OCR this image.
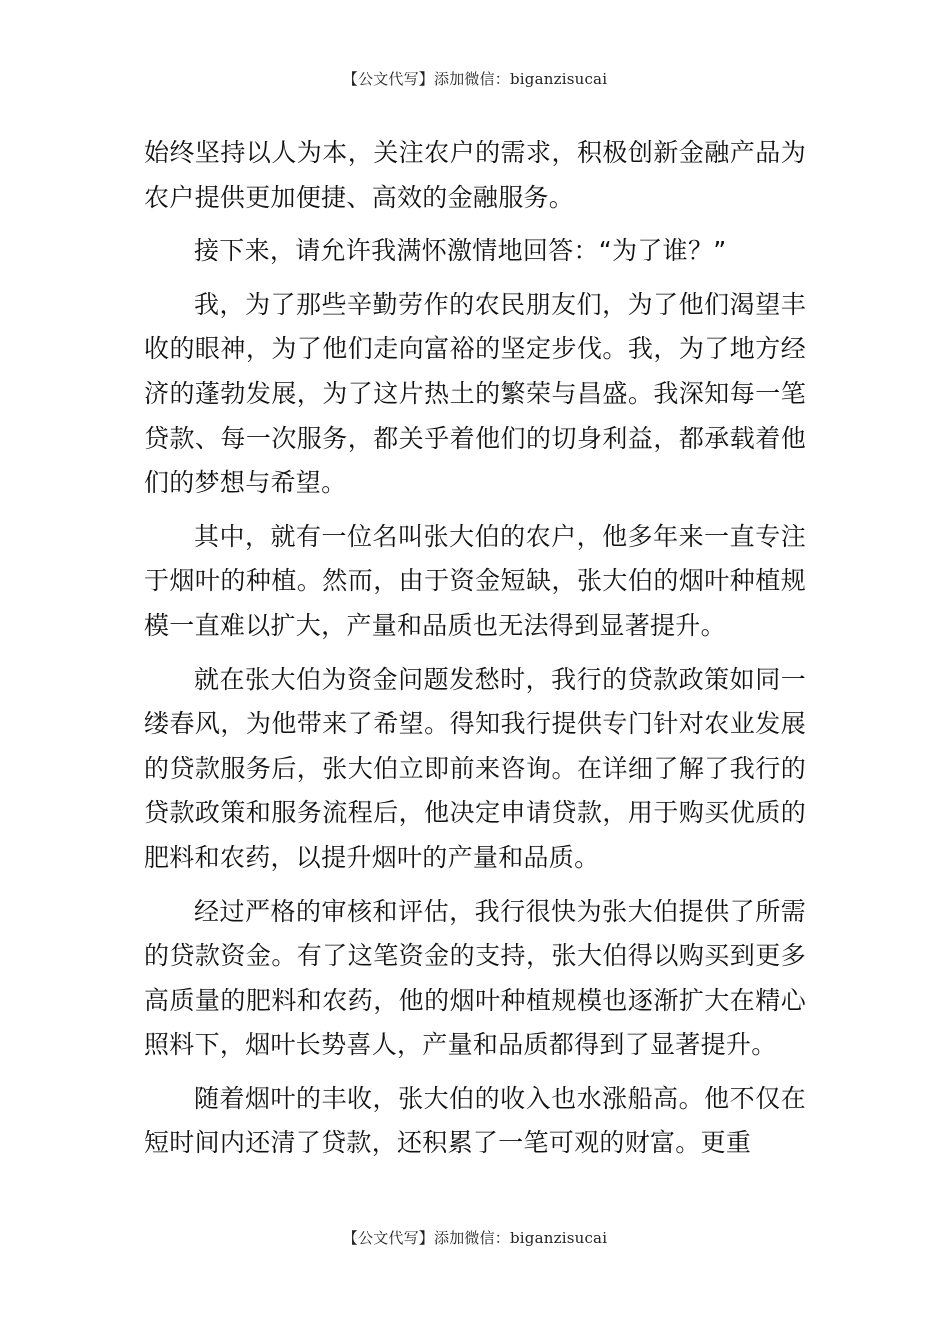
【公文代写】添加微信：biganzisucai

始终坚持以人为本，关注农户的需求，积极创新金融产品为农户提供更加便捷、高效的金融服务。

接下来，请允许我满怀激情地回答：“为了谁？”

我，为了那些辛勤劳作的农民朋友们，为了他们渴望丰收的眼神，为了他们走向富裕的坚定步伐。我，为了地方经济的蓬勃发展，为了这片热土的繁荣与昌盛。我深知每一笔贷款、每一次服务，都关乎着他们的切身利益，都承载着他们的梦想与希望。

其中，就有一位名叫张大伯的农户，他多年来一直专注于烟叶的种植。然而，由于资金短缺，张大伯的烟叶种植规模一直难以扩大，产量和品质也无法得到显著提升。

就在张大伯为资金问题发愁时，我行的贷款政策如同一缕春风，为他带来了希望。得知我行提供专门针对农业发展的贷款服务后，张大伯立即前来咨询。在详细了解了我行的贷款政策和服务流程后，他决定申请贷款，用于购买优质的肥料和农药，以提升烟叶的产量和品质。

经过严格的审核和评估，我行很快为张大伯提供了所需的贷款资金。有了这笔资金的支持，张大伯得以购买到更多高质量的肥料和农药，他的烟叶种植规模也逐渐扩大在精心照料下，烟叶长势喜人，产量和品质都得到了显著提升。

随着烟叶的丰收，张大伯的收入也水涨船高。他不仅在短时间内还清了贷款，还积累了一笔可观的财富。更重

【公文代写】添加微信：biganzisucai
